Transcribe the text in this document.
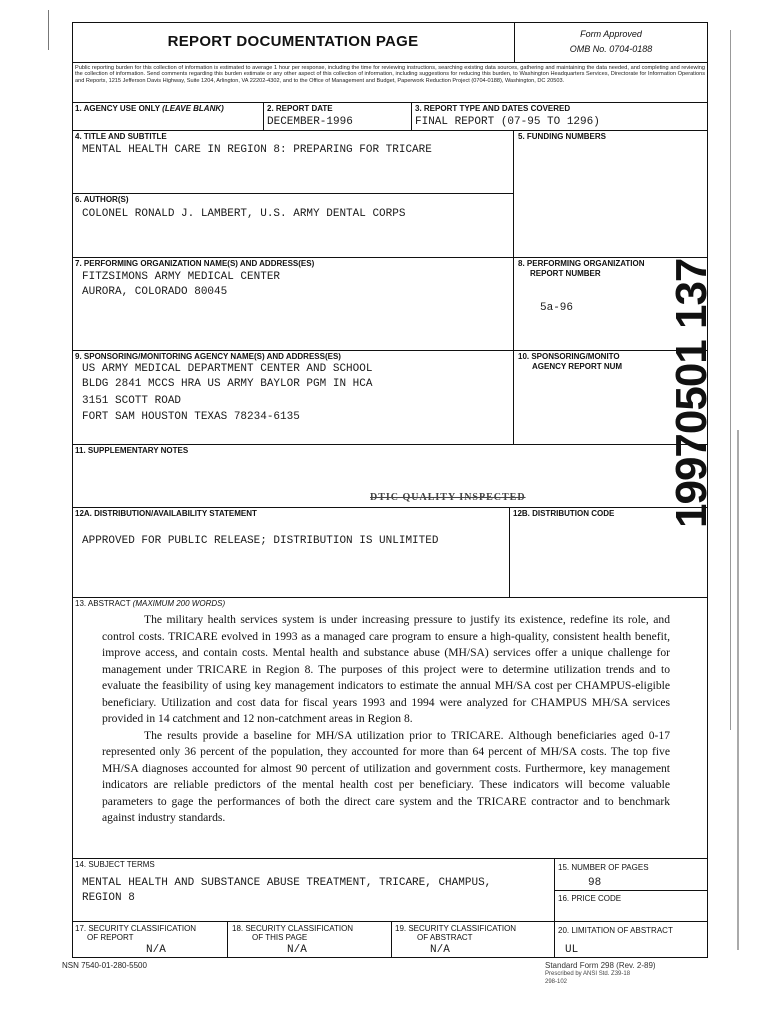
REPORT DOCUMENTATION PAGE	Form Approved
OMB No. 0704-0188
Public reporting burden for this collection of information is estimated to average 1 hour per response, including the time for reviewing instructions, searching existing data sources, gathering and maintaining the data needed, and completing and reviewing the collection of information. Send comments regarding this burden estimate or any other aspect of this collection of information, including suggestions for reducing this burden, to Washington Headquarters Services, Directorate for Information Operations and Reports, 1215 Jefferson Davis Highway, Suite 1204, Arlington, VA 22202-4302, and to the Office of Management and Budget, Paperwork Reduction Project (0704-0188), Washington, DC 20503.
1. AGENCY USE ONLY (LEAVE BLANK)	2. REPORT DATE
DECEMBER-1996
3. REPORT TYPE AND DATES COVERED
FINAL REPORT (07-95 TO 1296)
4. TITLE AND SUBTITLE
MENTAL HEALTH CARE IN REGION 8: PREPARING FOR TRICARE
5. FUNDING NUMBERS
6. AUTHOR(S)
COLONEL RONALD J. LAMBERT, U.S. ARMY DENTAL CORPS
7. PERFORMING ORGANIZATION NAME(S) AND ADDRESS(ES)
FITZSIMONS ARMY MEDICAL CENTER
AURORA, COLORADO 80045
8. PERFORMING ORGANIZATION
REPORT NUMBER
5a-96
9. SPONSORING/MONITORING AGENCY NAME(S) AND ADDRESS(ES)
US ARMY MEDICAL DEPARTMENT CENTER AND SCHOOL
BLDG 2841 MCCS HRA US ARMY BAYLOR PGM IN HCA
3151 SCOTT ROAD
FORT SAM HOUSTON TEXAS 78234-6135
10. SPONSORING/MONITO
AGENCY REPORT NUM
11. SUPPLEMENTARY NOTES
DTIC QUALITY INSPECTED
12A. DISTRIBUTION/AVAILABILITY STATEMENT
APPROVED FOR PUBLIC RELEASE; DISTRIBUTION IS UNLIMITED
12B. DISTRIBUTION CODE
13. ABSTRACT (MAXIMUM 200 WORDS)

The military health services system is under increasing pressure to justify its existence, redefine its role, and control costs. TRICARE evolved in 1993 as a managed care program to ensure a high-quality, consistent health benefit, improve access, and contain costs. Mental health and substance abuse (MH/SA) services offer a unique challenge for management under TRICARE in Region 8. The purposes of this project were to determine utilization trends and to evaluate the feasibility of using key management indicators to estimate the annual MH/SA cost per CHAMPUS-eligible beneficiary. Utilization and cost data for fiscal years 1993 and 1994 were analyzed for CHAMPUS MH/SA services provided in 14 catchment and 12 non-catchment areas in Region 8.

The results provide a baseline for MH/SA utilization prior to TRICARE. Although beneficiaries aged 0-17 represented only 36 percent of the population, they accounted for more than 64 percent of MH/SA costs. The top five MH/SA diagnoses accounted for almost 90 percent of utilization and government costs. Furthermore, key management indicators are reliable predictors of the mental health cost per beneficiary. These indicators will become valuable parameters to gage the performances of both the direct care system and the TRICARE contractor and to benchmark against industry standards.

14. SUBJECT TERMS
MENTAL HEALTH AND SUBSTANCE ABUSE TREATMENT, TRICARE, CHAMPUS,
REGION 8
15. NUMBER OF PAGES
98
16. PRICE CODE
17. SECURITY CLASSIFICATION
OF REPORT
N/A
18. SECURITY CLASSIFICATION
OF THIS PAGE
N/A
19. SECURITY CLASSIFICATION
OF ABSTRACT
N/A
20. LIMITATION OF ABSTRACT
UL
NSN 7540-01-280-5500	Standard Form 298 (Rev. 2-89)
Prescribed by ANSI Std. Z39-18
298-102
19970501 137
